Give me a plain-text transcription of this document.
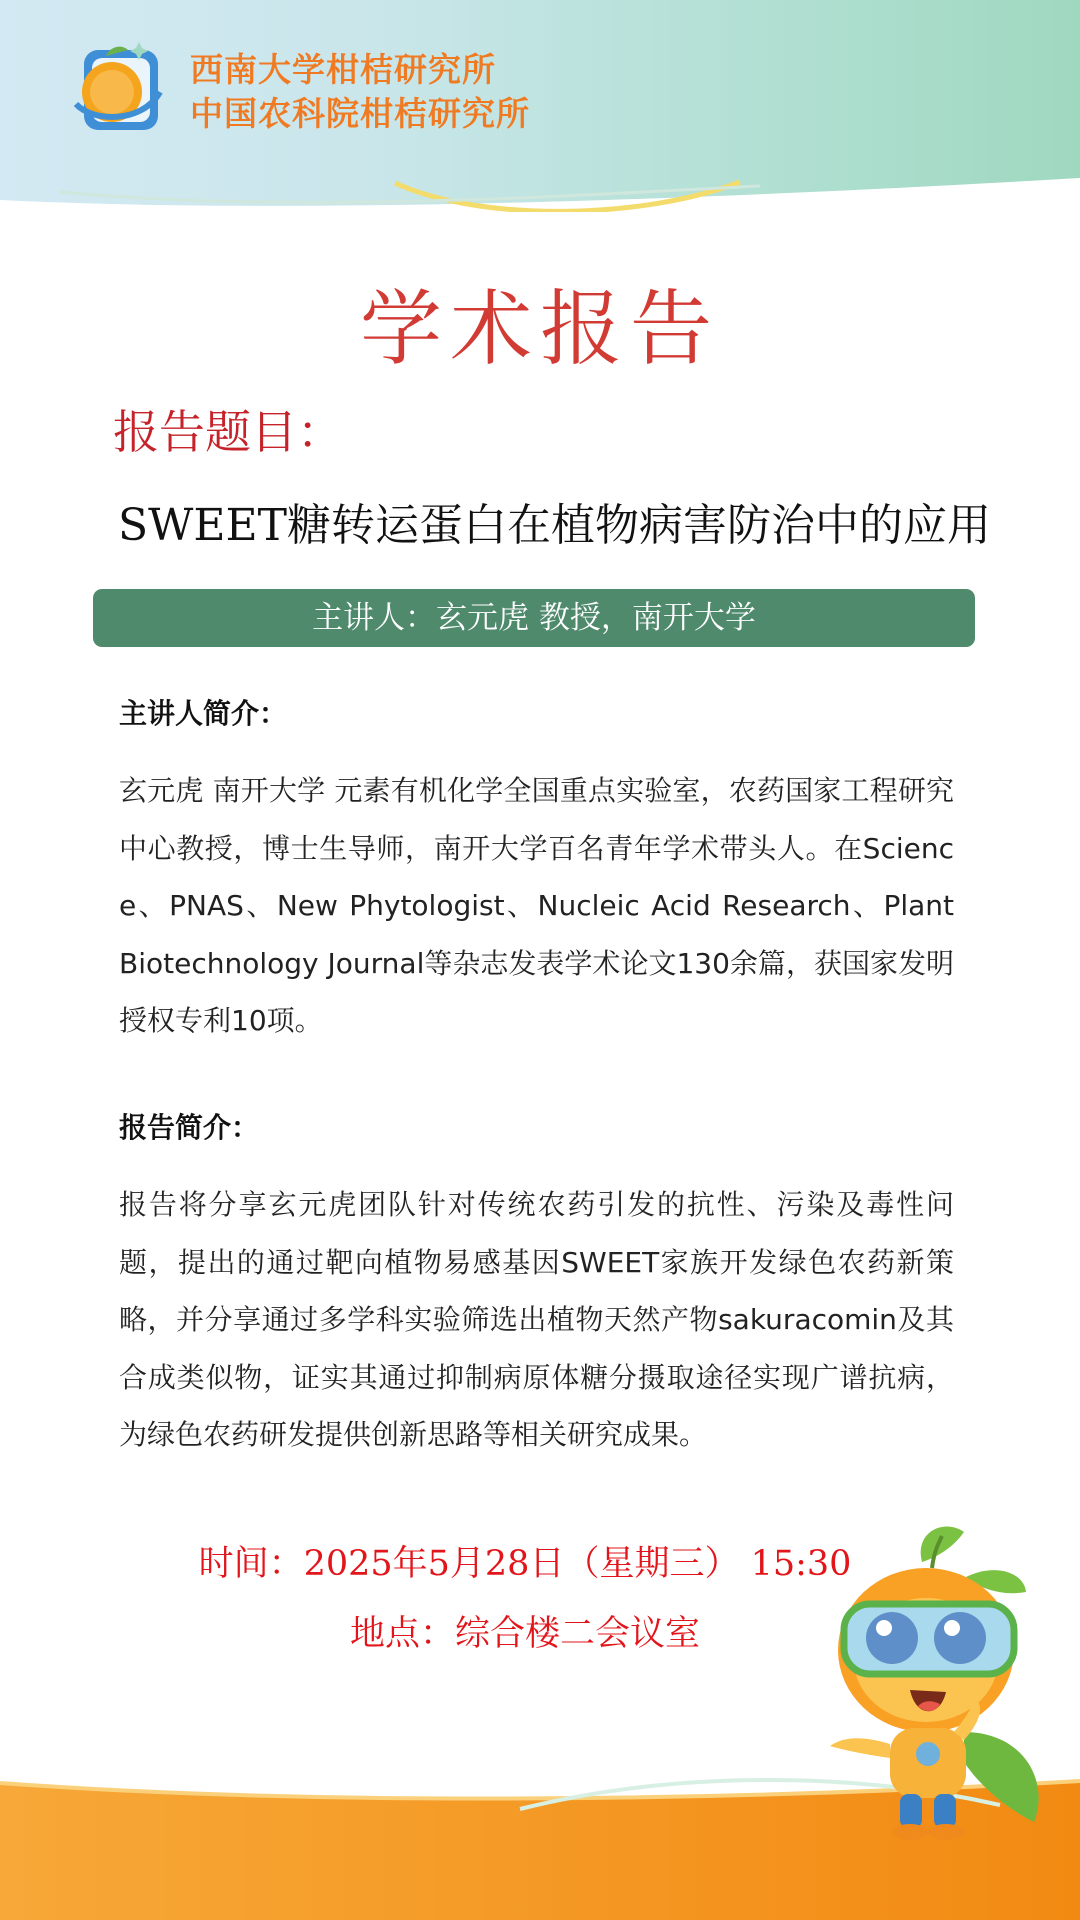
西南大学柑桔研究所
中国农科院柑桔研究所
学术报告
报告题目：
SWEET糖转运蛋白在植物病害防治中的应用
主讲人：玄元虎 教授，南开大学
主讲人简介：
玄元虎 南开大学 元素有机化学全国重点实验室，农药国家工程研究中心教授，博士生导师，南开大学百名青年学术带头人。在Science、PNAS、New Phytologist、Nucleic Acid Research、Plant Biotechnology Journal等杂志发表学术论文130余篇，获国家发明授权专利10项。
报告简介：
报告将分享玄元虎团队针对传统农药引发的抗性、污染及毒性问题，提出的通过靶向植物易感基因SWEET家族开发绿色农药新策略，并分享通过多学科实验筛选出植物天然产物sakuracomin及其合成类似物，证实其通过抑制病原体糖分摄取途径实现广谱抗病，为绿色农药研发提供创新思路等相关研究成果。
时间：2025年5月28日（星期三） 15:30
地点：综合楼二会议室
